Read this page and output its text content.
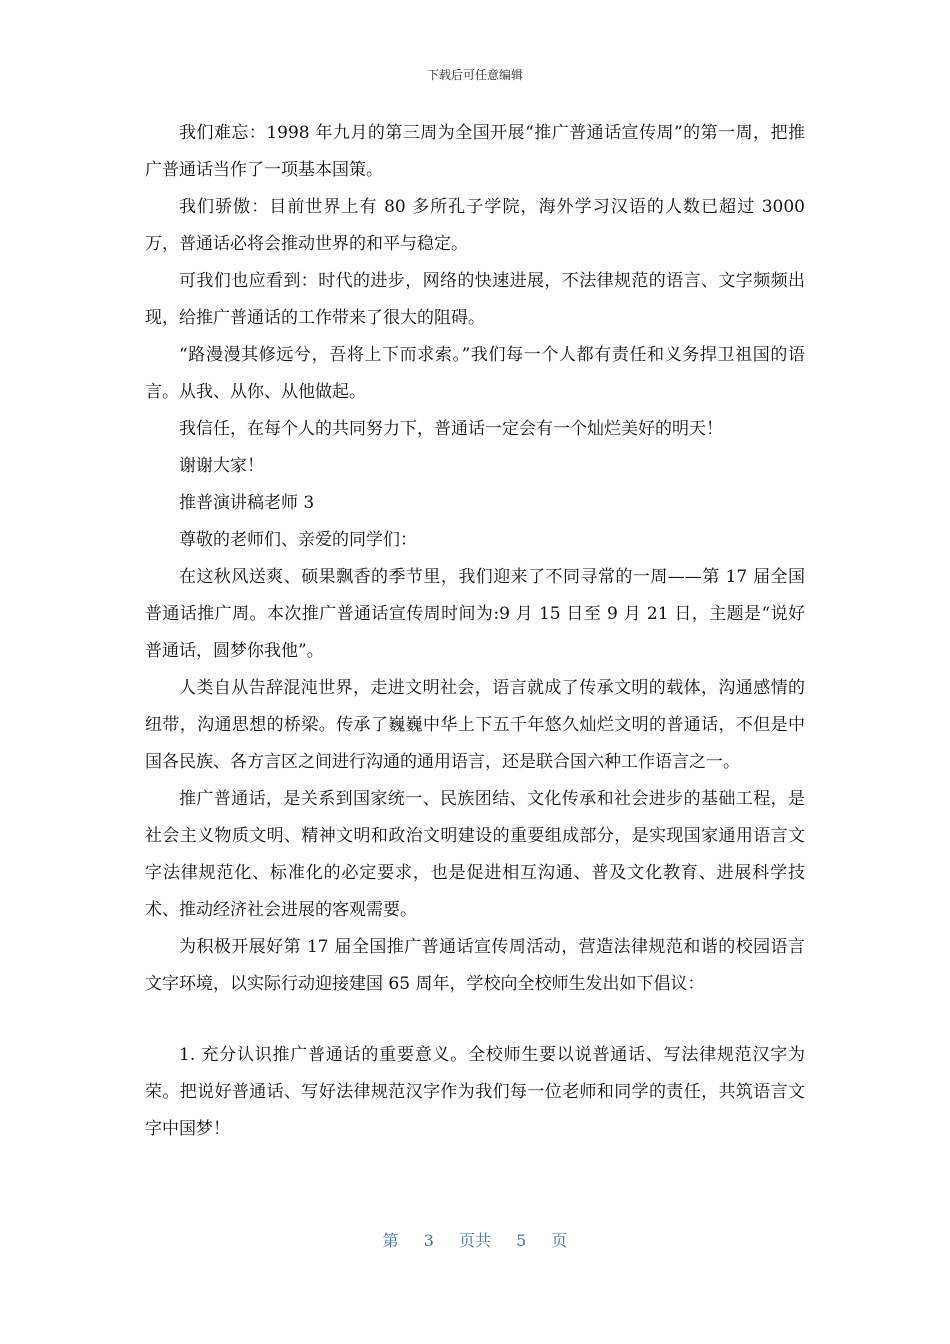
下载后可任意编辑

我们难忘：1998 年九月的第三周为全国开展“推广普通话宣传周”的第一周，把推广普通话当作了一项基本国策。

我们骄傲：目前世界上有 80 多所孔子学院，海外学习汉语的人数已超过 3000 万，普通话必将会推动世界的和平与稳定。

可我们也应看到：时代的进步，网络的快速进展，不法律规范的语言、文字频频出现，给推广普通话的工作带来了很大的阻碍。

“路漫漫其修远兮，吾将上下而求索。”我们每一个人都有责任和义务捍卫祖国的语言。从我、从你、从他做起。

我信任，在每个人的共同努力下，普通话一定会有一个灿烂美好的明天！

谢谢大家！

推普演讲稿老师 3

尊敬的老师们、亲爱的同学们：

在这秋风送爽、硕果飘香的季节里，我们迎来了不同寻常的一周——第 17 届全国普通话推广周。本次推广普通话宣传周时间为:9 月 15 日至 9 月 21 日，主题是“说好普通话，圆梦你我他”。

人类自从告辞混沌世界，走进文明社会，语言就成了传承文明的载体，沟通感情的纽带，沟通思想的桥梁。传承了巍巍中华上下五千年悠久灿烂文明的普通话，不但是中国各民族、各方言区之间进行沟通的通用语言，还是联合国六种工作语言之一。

推广普通话，是关系到国家统一、民族团结、文化传承和社会进步的基础工程，是社会主义物质文明、精神文明和政治文明建设的重要组成部分，是实现国家通用语言文字法律规范化、标准化的必定要求，也是促进相互沟通、普及文化教育、进展科学技术、推动经济社会进展的客观需要。

为积极开展好第 17 届全国推广普通话宣传周活动，营造法律规范和谐的校园语言文字环境，以实际行动迎接建国 65 周年，学校向全校师生发出如下倡议：

1. 充分认识推广普通话的重要意义。全校师生要以说普通话、写法律规范汉字为荣。把说好普通话、写好法律规范汉字作为我们每一位老师和同学的责任，共筑语言文字中国梦！

第 3 页共 5 页
